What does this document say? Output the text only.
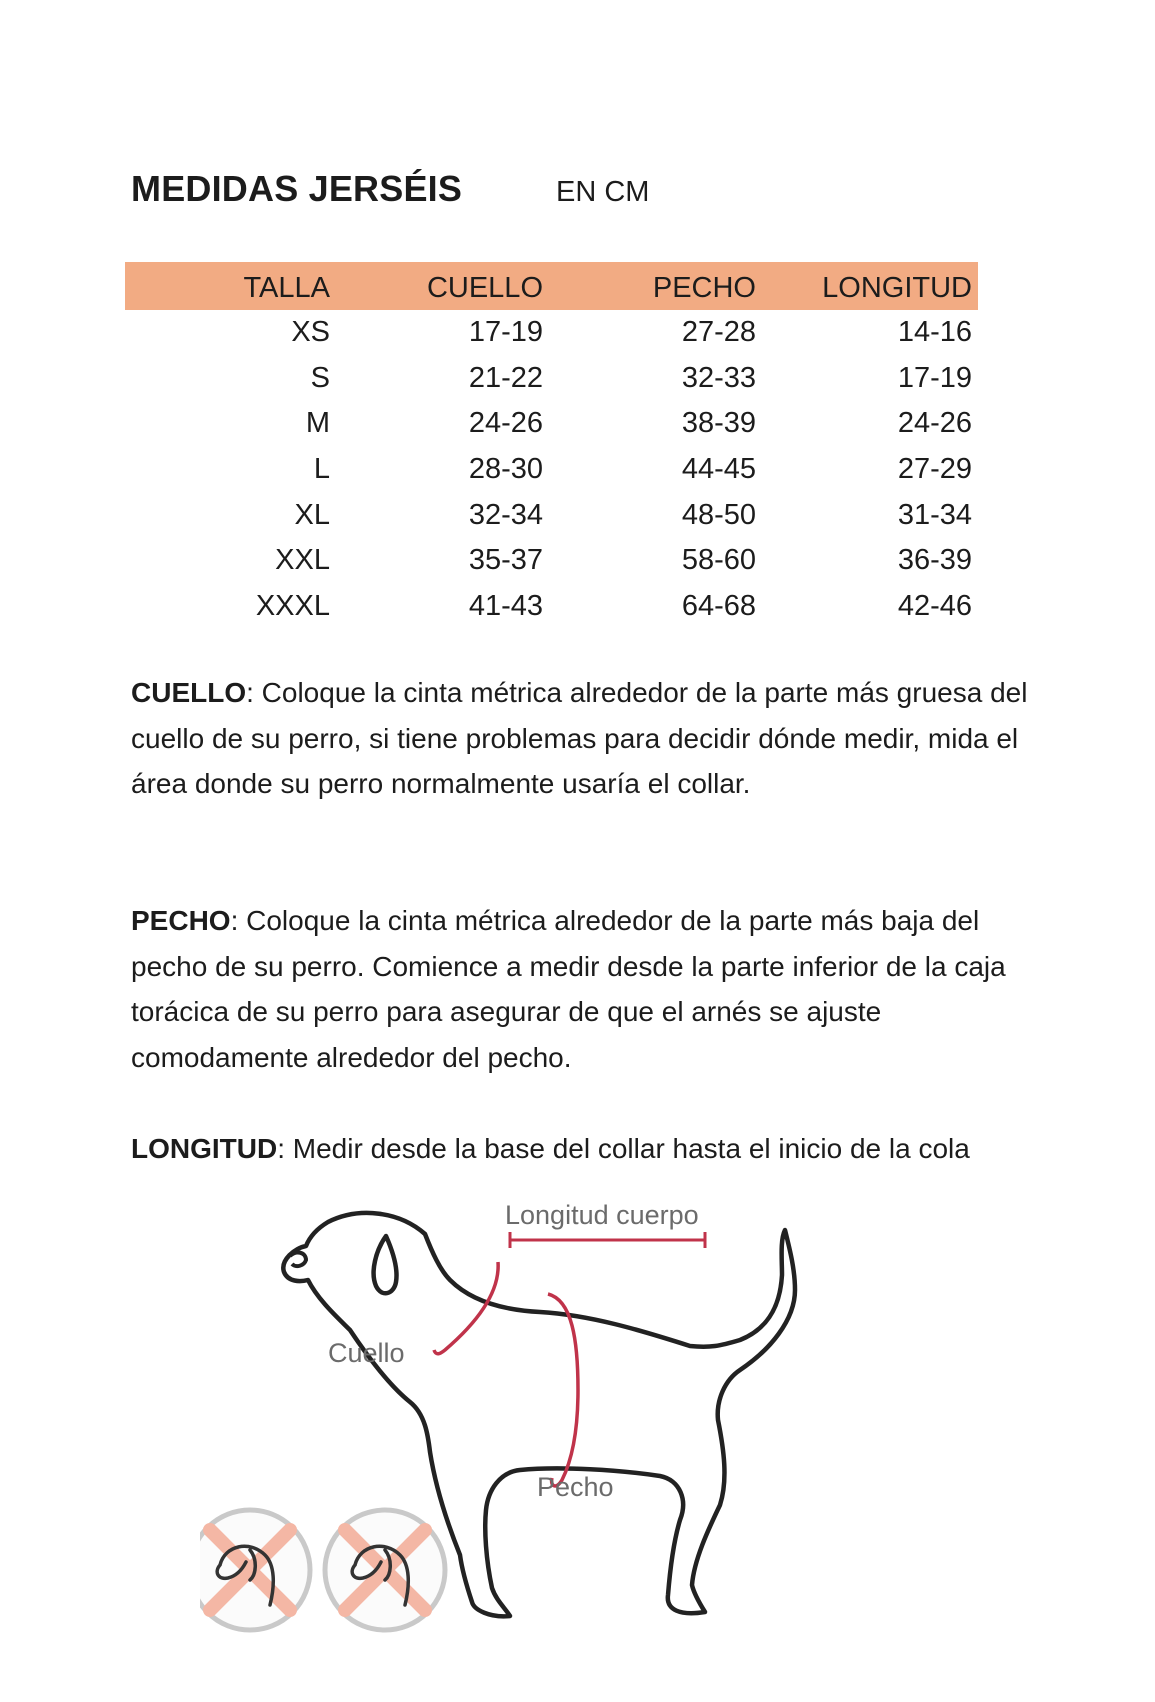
MEDIDAS JERSÉIS	EN CM
TALLA	CUELLO	PECHO	LONGITUD
XS	17-19	27-28	14-16
S	21-22	32-33	17-19
M	24-26	38-39	24-26
L	28-30	44-45	27-29
XL	32-34	48-50	31-34
XXL	35-37	58-60	36-39
XXXL	41-43	64-68	42-46

CUELLO: Coloque la cinta métrica alrededor de la parte más gruesa del cuello de su perro, si tiene problemas para decidir dónde medir, mida el área donde su perro normalmente usaría el collar.

PECHO: Coloque la cinta métrica alrededor de la parte más baja del pecho de su perro. Comience a medir desde la parte inferior de la caja torácica de su perro para asegurar de que el arnés se ajuste comodamente alrededor del pecho.

LONGITUD: Medir desde la base del collar hasta el inicio de la cola

Longitud cuerpo
Cuello
Pecho
